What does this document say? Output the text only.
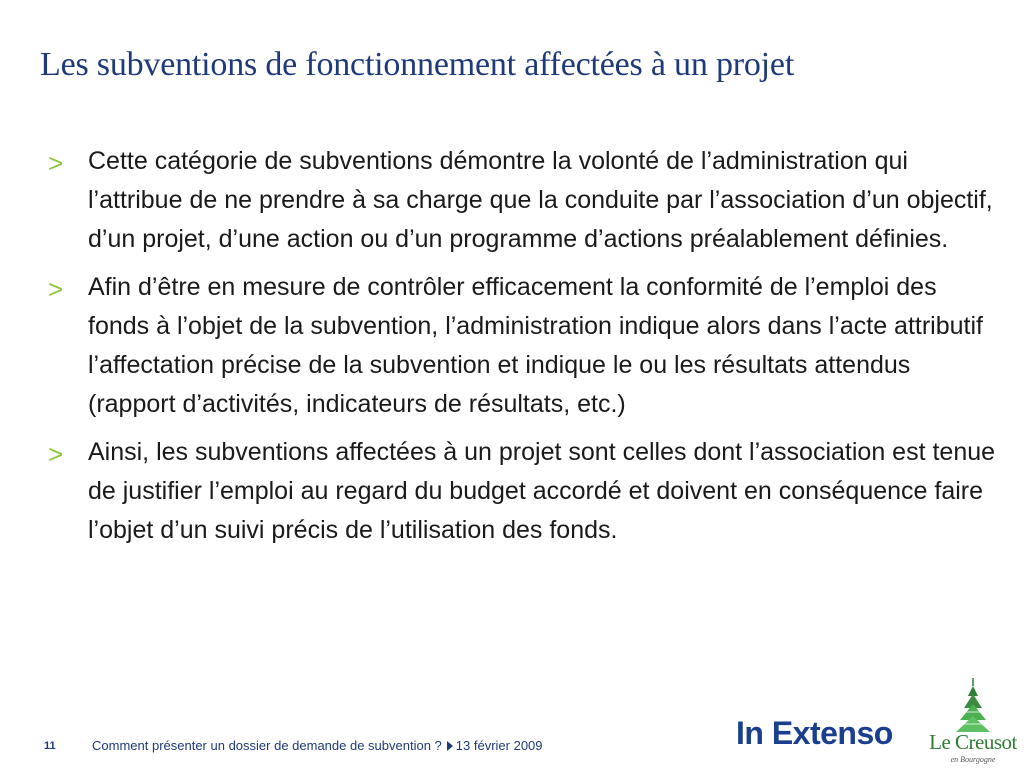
Les subventions de fonctionnement affectées à un projet
> Cette catégorie de subventions démontre la volonté de l’administration qui l’attribue de ne prendre à sa charge que la conduite par l’association d’un objectif, d’un projet, d’une action ou d’un programme d’actions préalablement définies.
> Afin d’être en mesure de contrôler efficacement la conformité de l’emploi des fonds à l’objet de la subvention, l’administration indique alors dans l’acte attributif l’affectation précise de la subvention et indique le ou les résultats attendus (rapport d’activités, indicateurs de résultats, etc.)
> Ainsi, les subventions affectées à un projet sont celles dont l’association est tenue de justifier l’emploi au regard du budget accordé et doivent en conséquence faire l’objet d’un suivi précis de l’utilisation des fonds.
11	Comment présenter un dossier de demande de subvention ? 13 février 2009	In Extenso Le Creusot
en Bourgogne
